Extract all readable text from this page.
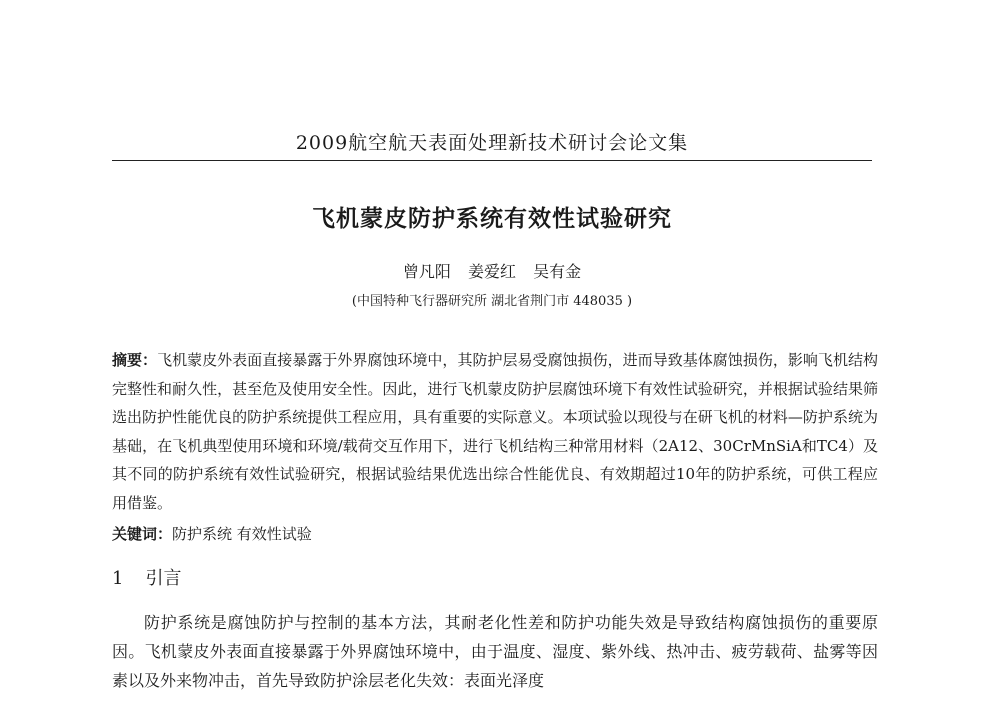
2009航空航天表面处理新技术研讨会论文集
飞机蒙皮防护系统有效性试验研究
曾凡阳 姜爱红 吴有金
(中国特种飞行器研究所 湖北省荆门市 448035 )
摘要：飞机蒙皮外表面直接暴露于外界腐蚀环境中，其防护层易受腐蚀损伤，进而导致基体腐蚀损伤，影响飞机结构完整性和耐久性，甚至危及使用安全性。因此，进行飞机蒙皮防护层腐蚀环境下有效性试验研究，并根据试验结果筛选出防护性能优良的防护系统提供工程应用，具有重要的实际意义。本项试验以现役与在研飞机的材料—防护系统为基础，在飞机典型使用环境和环境/载荷交互作用下，进行飞机结构三种常用材料（2A12、30CrMnSiA和TC4）及其不同的防护系统有效性试验研究，根据试验结果优选出综合性能优良、有效期超过10年的防护系统，可供工程应用借鉴。
关键词：防护系统 有效性试验
1 引言
防护系统是腐蚀防护与控制的基本方法，其耐老化性差和防护功能失效是导致结构腐蚀损伤的重要原因。飞机蒙皮外表面直接暴露于外界腐蚀环境中，由于温度、湿度、紫外线、热冲击、疲劳载荷、盐雾等因素以及外来物冲击，首先导致防护涂层老化失效：表面光泽度
